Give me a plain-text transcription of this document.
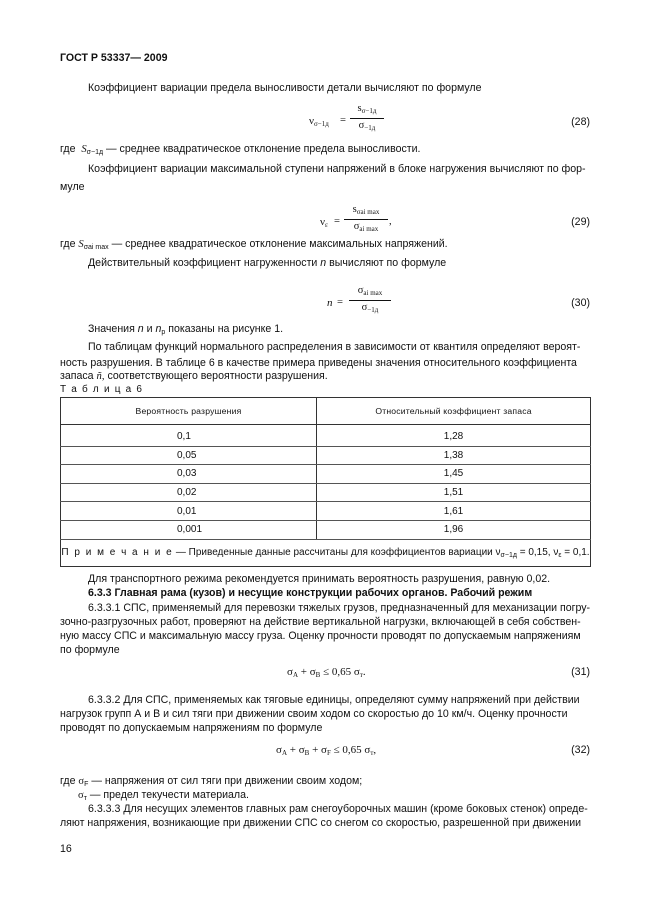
ГОСТ Р 53337— 2009
Коэффициент вариации предела выносливости детали вычисляют по формуле
$\nu_{\sigma-1д}$ =
$s_{\sigma-1д}$
$\sigma_{-1д}$	(28)
где $S_{\sigma-1д}$ — среднее квадратическое отклонение предела выносливости.
Коэффициент вариации максимальной ступени напряжений в блоке нагружения вычисляют по фор-
муле
$\nu_\varepsilon$ =
$s_{\sigma ai max}$
$\sigma_{ai max}$
,	(29)
где $S_{\sigma ai max}$ — среднее квадратическое отклонение максимальных напряжений.
Действительный коэффициент нагруженности n вычисляют по формуле
n =
$\sigma_{ai max}$
$\sigma_{-1д}$
(30)
Значения n и $n_р$ показаны на рисунке 1.
По таблицам функций нормального распределения в зависимости от квантиля определяют вероят-
ность разрушения. В таблице 6 в качестве примера приведены значения относительного коэффициента
запаса ñ, соответствующего вероятности разрушения.
Т а б л и ц а 6
Вероятность разрушения	Относительный коэффициент запаса
0,1	1,28
0,05	1,38
0,03	1,45
0,02	1,51
0,01	1,61
0,001	1,96
П р и м е ч а н и е — Приведенные данные рассчитаны для коэффициентов вариации $\nu_{\sigma-1д} = 0,15$, $\nu_\varepsilon = 0,1$.	
Для транспортного режима рекомендуется принимать вероятность разрушения, равную 0,02.
6.3.3 Главная рама (кузов) и несущие конструкции рабочих органов. Рабочий режим
6.3.3.1 СПС, применяемый для перевозки тяжелых грузов, предназначенный для механизации погру-
зочно-разгрузочных работ, проверяют на действие вертикальной нагрузки, включающей в себя собствен-
ную массу СПС и максимальную массу груза. Оценку прочности проводят по допускаемым напряжениям
по формуле
$\sigma_A + \sigma_B \le 0,65$ $\sigma_т$.	(31)
6.3.3.2 Для СПС, применяемых как тяговые единицы, определяют сумму напряжений при действии
нагрузок групп А и В и сил тяги при движении своим ходом со скоростью до 10 км/ч. Оценку прочности
проводят по допускаемым напряжениям по формуле
$\sigma_A + \sigma_B + \sigma_F \le 0,65$ $\sigma_т$,	(32)
где $\sigma_F$ — напряжения от сил тяги при движении своим ходом;
$\sigma_т$ — предел текучести материала.
6.3.3.3 Для несущих элементов главных рам снегоуборочных машин (кроме боковых стенок) опреде-
ляют напряжения, возникающие при движении СПС со снегом со скоростью, разрешенной при движении
16
